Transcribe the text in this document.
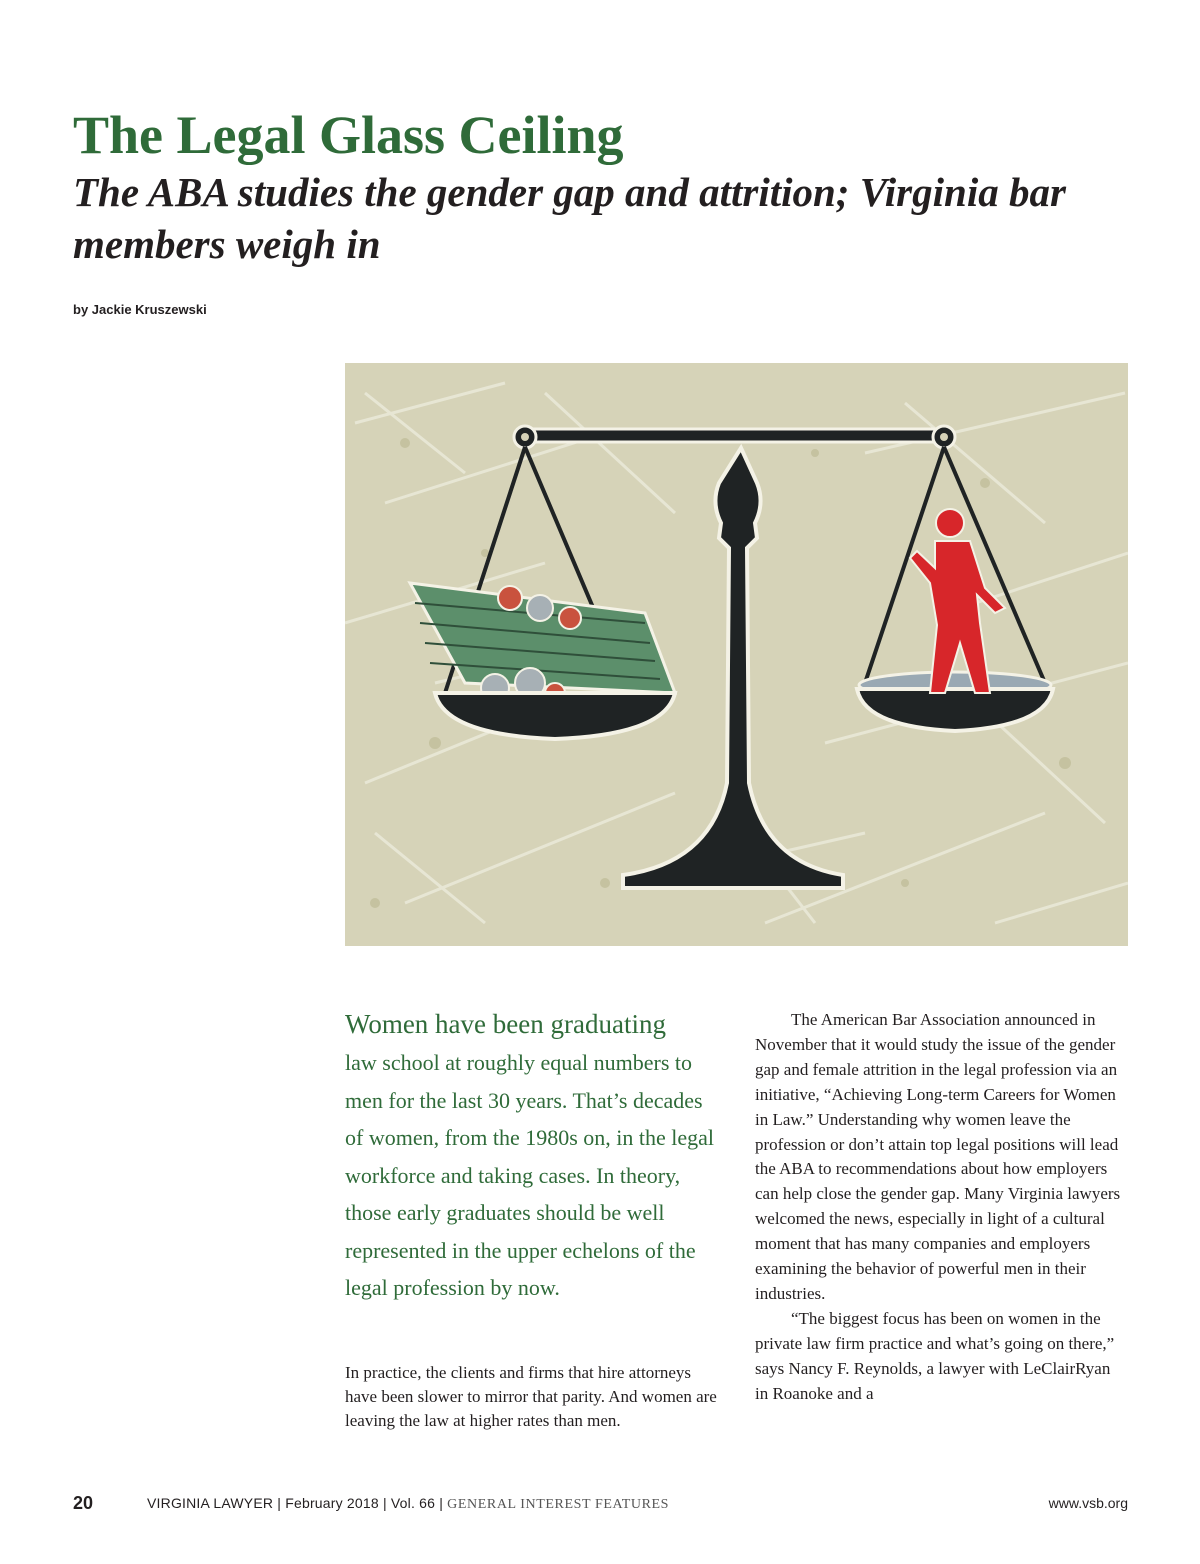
The Legal Glass Ceiling
The ABA studies the gender gap and attrition; Virginia bar members weigh in
by Jackie Kruszewski
Women have been graduating
law school at roughly equal numbers to men for the last 30 years. That’s decades of women, from the 1980s on, in the legal workforce and taking cases. In theory, those early graduates should be well represented in the upper echelons of the legal profession by now.

In practice, the clients and firms that hire attorneys have been slower to mirror that parity. And women are leaving the law at higher rates than men.

The American Bar Association announced in November that it would study the issue of the gender gap and female attrition in the legal profession via an initiative, “Achieving Long-term Careers for Women in Law.” Understanding why women leave the profession or don’t attain top legal positions will lead the ABA to recommendations about how employers can help close the gender gap. Many Virginia lawyers welcomed the news, especially in light of a cultural moment that has many companies and employers examining the behavior of powerful men in their industries.

“The biggest focus has been on women in the private law firm practice and what’s going on there,” says Nancy F. Reynolds, a lawyer with LeClairRyan in Roanoke and a

20	VIRGINIA LAWYER | February 2018 | Vol. 66 | GENERAL INTEREST FEATURES	www.vsb.org
